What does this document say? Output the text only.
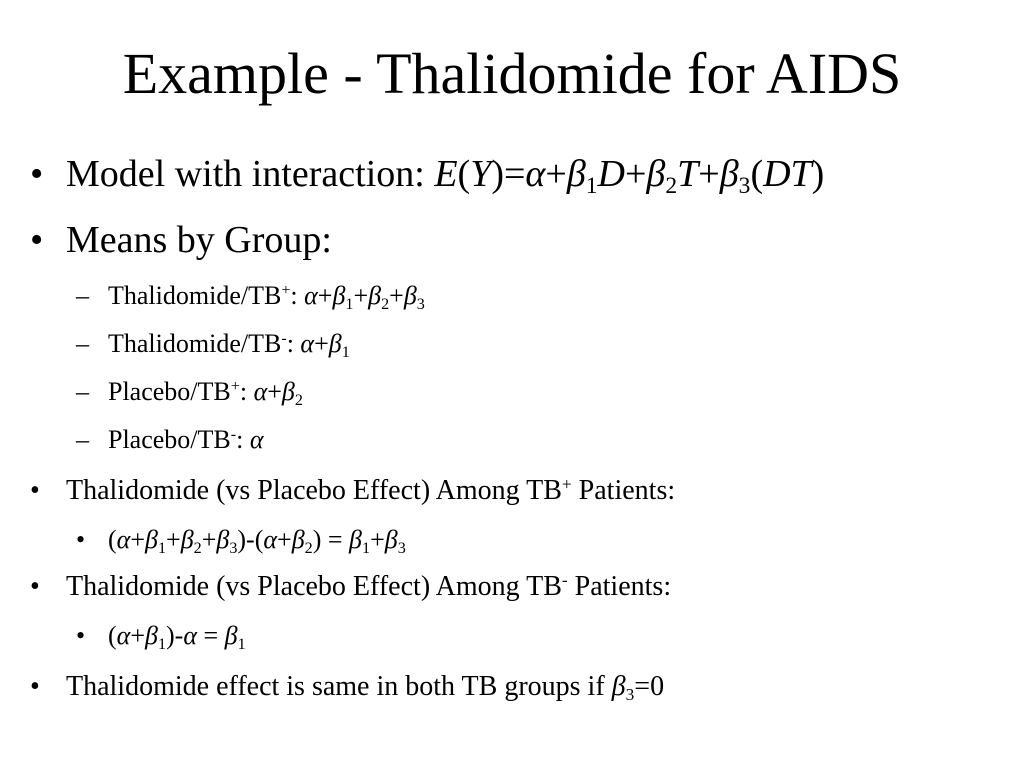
Example - Thalidomide for AIDS
• Model with interaction: $E(Y)=\alpha+\beta_1D+\beta_2T+\beta_3(DT)$
• Means by Group:
– Thalidomide/TB+: $\alpha+\beta_1+\beta_2+\beta_3$
– Thalidomide/TB-: $\alpha+\beta_1$
– Placebo/TB+: $\alpha+\beta_2$
– Placebo/TB-: α
• Thalidomide (vs Placebo Effect) Among TB+ Patients:
• $(\alpha+\beta_1+\beta_2+\beta_3)-(\alpha+\beta_2) = \beta_1+\beta_3$
• Thalidomide (vs Placebo Effect) Among TB- Patients:
• $(\alpha+\beta_1)-\alpha = \beta_1$
• Thalidomide effect is same in both TB groups if $\beta_3=0$
